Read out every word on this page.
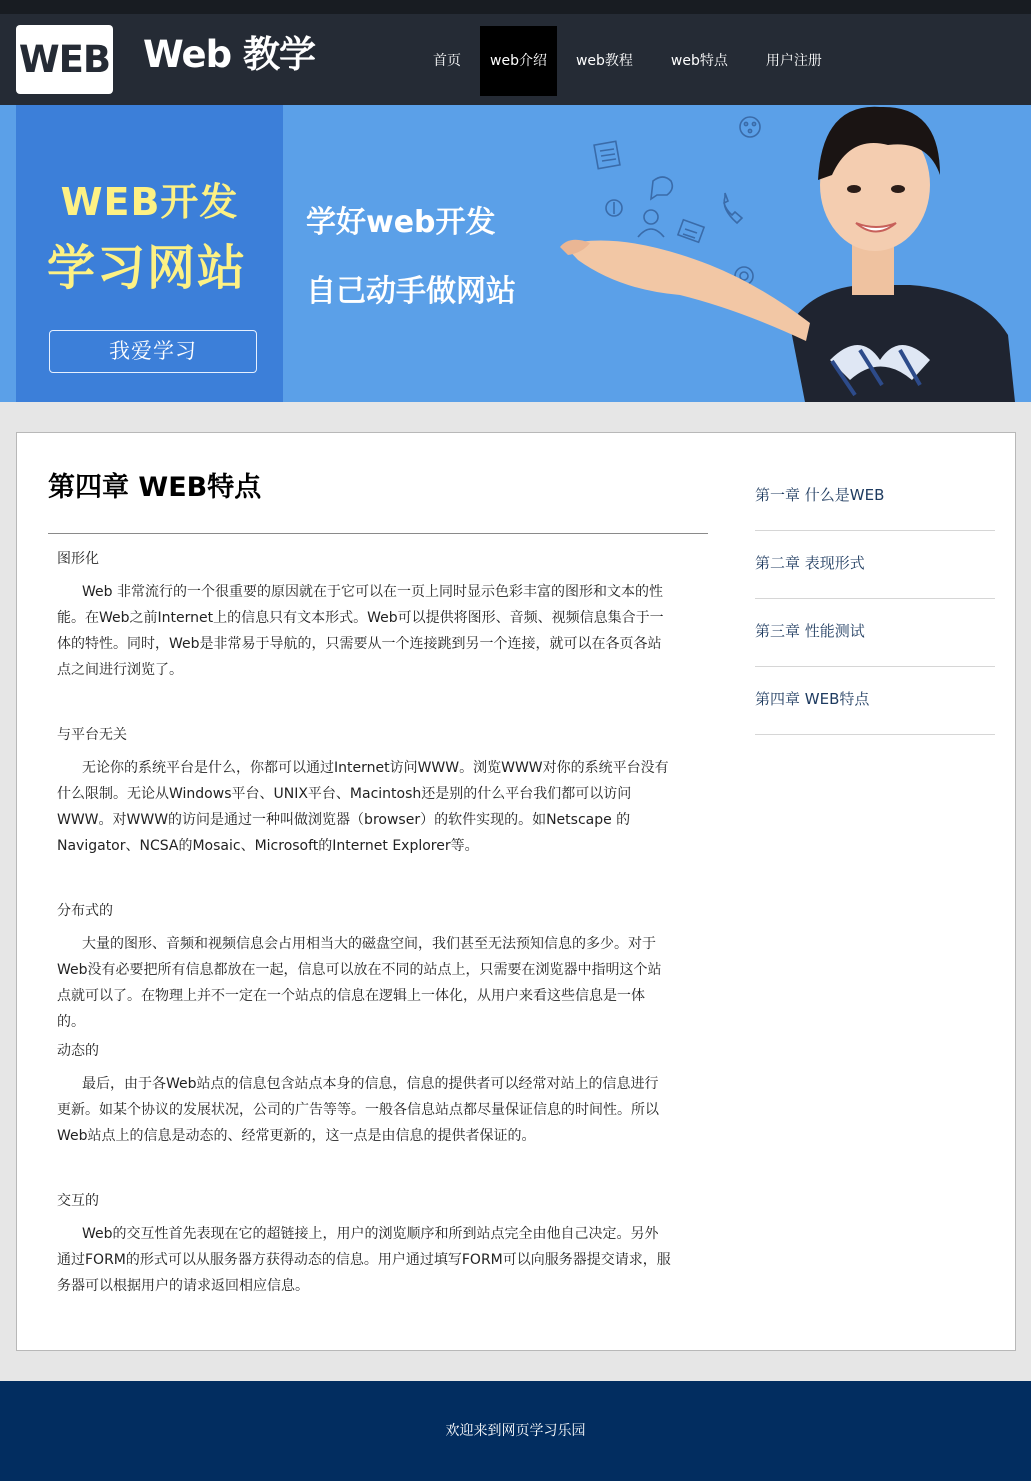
WEB Web 教学	首页	web介绍	web教程	web特点	用户注册
WEB开发
学习网站
我爱学习
学好web开发
自己动手做网站
第四章 WEB特点
图形化

Web 非常流行的一个很重要的原因就在于它可以在一页上同时显示色彩丰富的图形和文本的性能。在Web之前Internet上的信息只有文本形式。Web可以提供将图形、音频、视频信息集合于一体的特性。同时，Web是非常易于导航的，只需要从一个连接跳到另一个连接，就可以在各页各站点之间进行浏览了。

与平台无关

无论你的系统平台是什么，你都可以通过Internet访问WWW。浏览WWW对你的系统平台没有什么限制。无论从Windows平台、UNIX平台、Macintosh还是别的什么平台我们都可以访问WWW。对WWW的访问是通过一种叫做浏览器（browser）的软件实现的。如Netscape 的Navigator、NCSA的Mosaic、Microsoft的Internet Explorer等。

分布式的

大量的图形、音频和视频信息会占用相当大的磁盘空间，我们甚至无法预知信息的多少。对于Web没有必要把所有信息都放在一起，信息可以放在不同的站点上，只需要在浏览器中指明这个站点就可以了。在物理上并不一定在一个站点的信息在逻辑上一体化，从用户来看这些信息是一体的。

动态的

最后，由于各Web站点的信息包含站点本身的信息，信息的提供者可以经常对站上的信息进行更新。如某个协议的发展状况，公司的广告等等。一般各信息站点都尽量保证信息的时间性。所以Web站点上的信息是动态的、经常更新的，这一点是由信息的提供者保证的。

交互的

Web的交互性首先表现在它的超链接上，用户的浏览顺序和所到站点完全由他自己决定。另外通过FORM的形式可以从服务器方获得动态的信息。用户通过填写FORM可以向服务器提交请求，服务器可以根据用户的请求返回相应信息。

第一章 什么是WEB
第二章 表现形式
第三章 性能测试
第四章 WEB特点
欢迎来到网页学习乐园
